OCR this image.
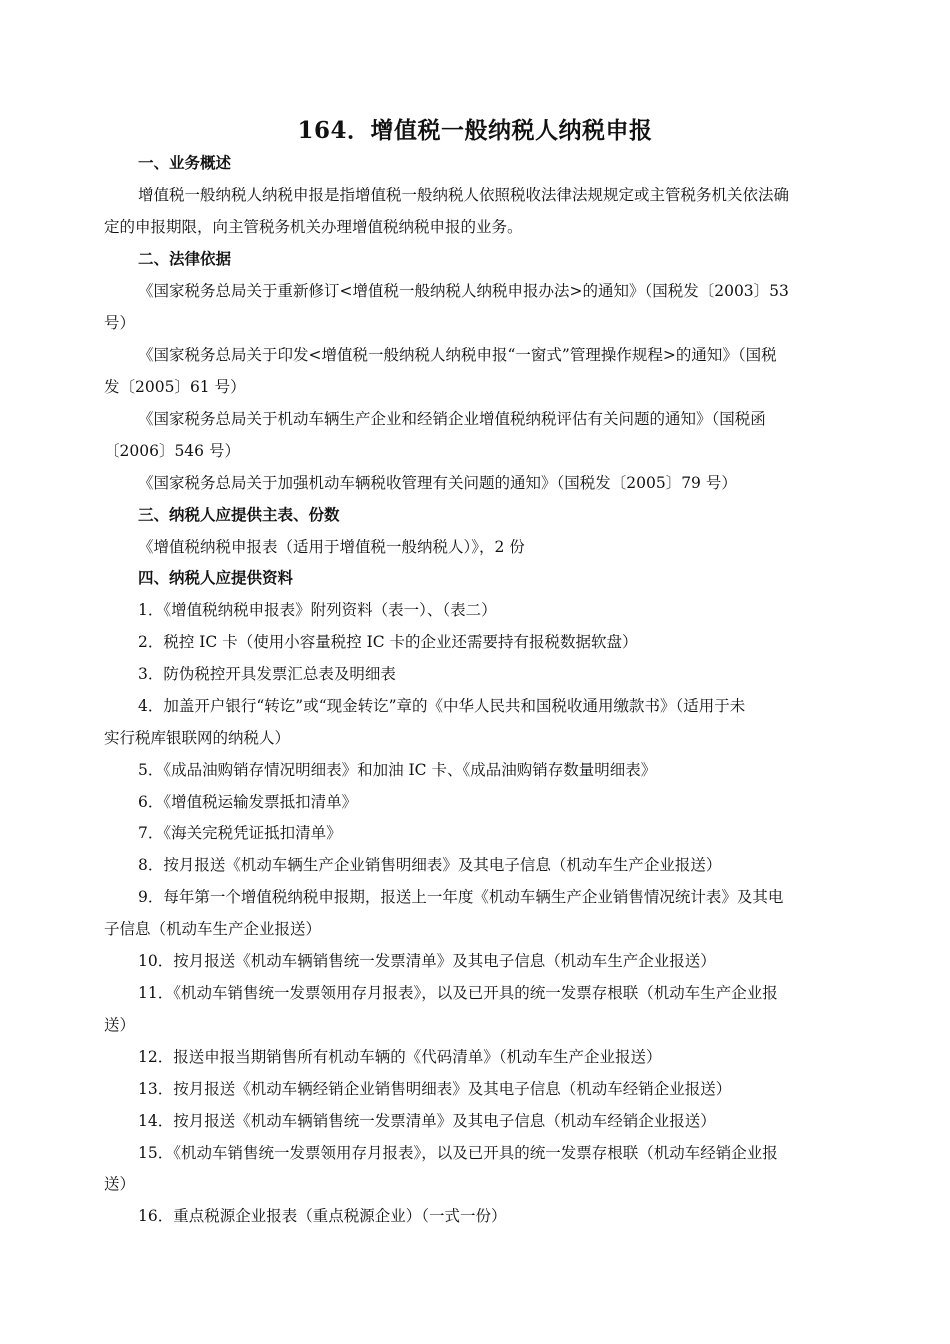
164．增值税一般纳税人纳税申报
一、业务概述
增值税一般纳税人纳税申报是指增值税一般纳税人依照税收法律法规规定或主管税务机关依法确
定的申报期限，向主管税务机关办理增值税纳税申报的业务。
二、法律依据
《国家税务总局关于重新修订<增值税一般纳税人纳税申报办法>的通知》（国税发〔2003〕53
号）
《国家税务总局关于印发<增值税一般纳税人纳税申报“一窗式”管理操作规程>的通知》（国税
发〔2005〕61 号）
《国家税务总局关于机动车辆生产企业和经销企业增值税纳税评估有关问题的通知》（国税函
〔2006〕546 号）
《国家税务总局关于加强机动车辆税收管理有关问题的通知》（国税发〔2005〕79 号）
三、纳税人应提供主表、份数
《增值税纳税申报表（适用于增值税一般纳税人）》，2 份
四、纳税人应提供资料
1．《增值税纳税申报表》附列资料（表一）、（表二）
2．税控 IC 卡（使用小容量税控 IC 卡的企业还需要持有报税数据软盘）
3．防伪税控开具发票汇总表及明细表
4．加盖开户银行“转讫”或“现金转讫”章的《中华人民共和国税收通用缴款书》（适用于未
实行税库银联网的纳税人）
5．《成品油购销存情况明细表》和加油 IC 卡、《成品油购销存数量明细表》
6．《增值税运输发票抵扣清单》
7．《海关完税凭证抵扣清单》
8．按月报送《机动车辆生产企业销售明细表》及其电子信息（机动车生产企业报送）
9．每年第一个增值税纳税申报期，报送上一年度《机动车辆生产企业销售情况统计表》及其电
子信息（机动车生产企业报送）
10．按月报送《机动车辆销售统一发票清单》及其电子信息（机动车生产企业报送）
11．《机动车销售统一发票领用存月报表》，以及已开具的统一发票存根联（机动车生产企业报
送）
12．报送申报当期销售所有机动车辆的《代码清单》（机动车生产企业报送）
13．按月报送《机动车辆经销企业销售明细表》及其电子信息（机动车经销企业报送）
14．按月报送《机动车辆销售统一发票清单》及其电子信息（机动车经销企业报送）
15．《机动车销售统一发票领用存月报表》，以及已开具的统一发票存根联（机动车经销企业报
送）
16．重点税源企业报表（重点税源企业）（一式一份）
